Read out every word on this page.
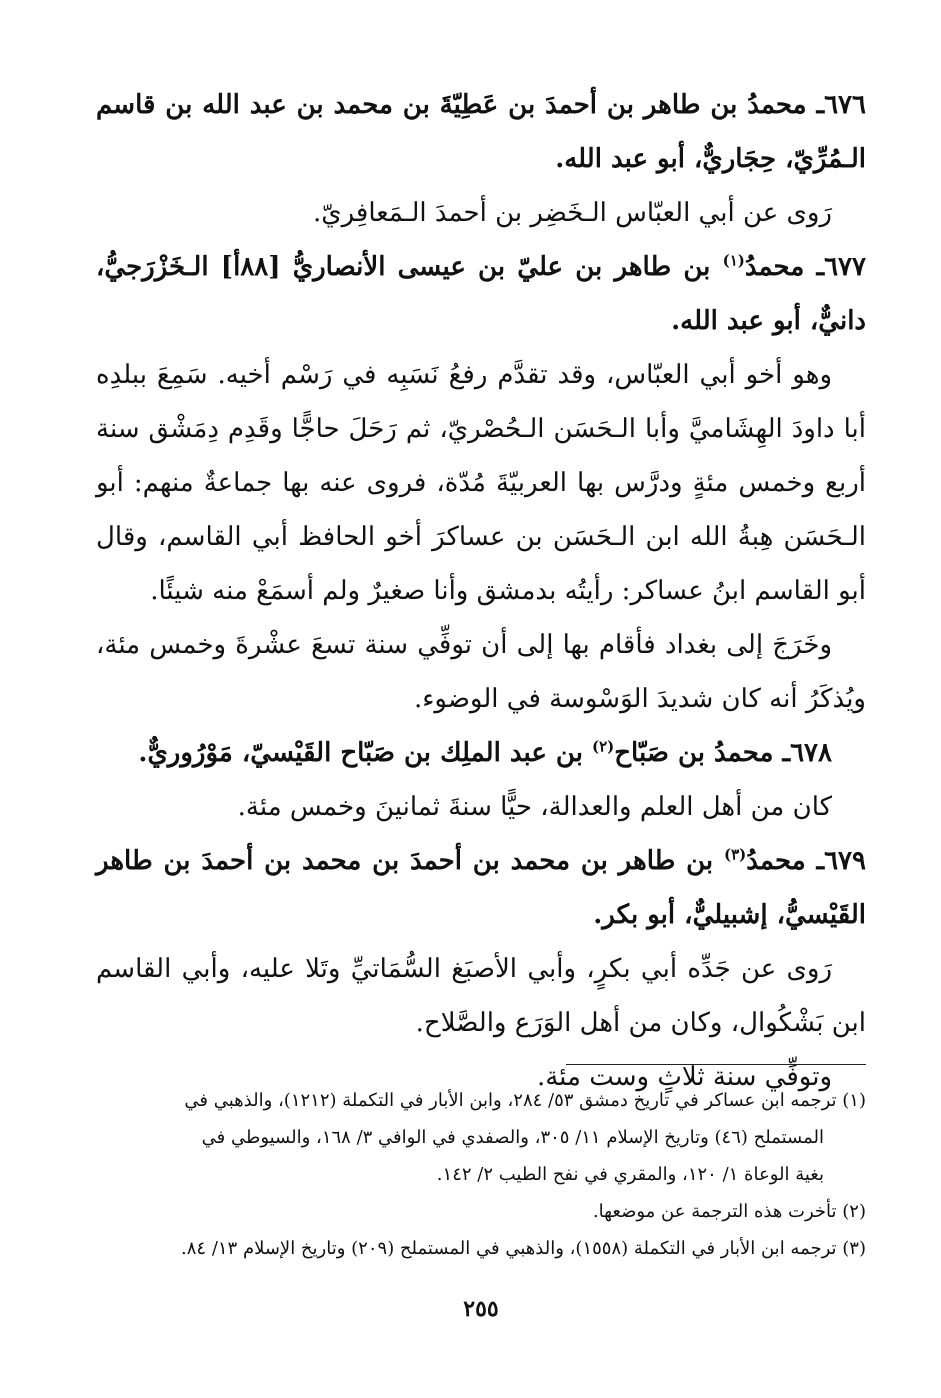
٦٧٦ـ محمدُ بن طاهر بن أحمدَ بن عَطِيّةَ بن محمد بن عبد الله بن قاسم الـمُرِّيّ، حِجَاريٌّ، أبو عبد الله.

رَوى عن أبي العبّاس الـخَضِر بن أحمدَ الـمَعافِريّ.

٦٧٧ـ محمدُ$^{(١)}$ بن طاهر بن عليّ بن عيسى الأنصاريُّ [٨٨أ] الـخَزْرَجيُّ، دانيٌّ، أبو عبد الله.

وهو أخو أبي العبّاس، وقد تقدَّم رفعُ نَسَبِه في رَسْم أخيه. سَمِعَ ببلدِه أبا داودَ الهِشَاميَّ وأبا الـحَسَن الـحُصْريّ، ثم رَحَلَ حاجًّا وقَدِم دِمَشْق سنة أربع وخمس مئةٍ ودرَّس بها العربيّةَ مُدّة، فروى عنه بها جماعةٌ منهم: أبو الـحَسَن هِبةُ الله ابن الـحَسَن بن عساكرَ أخو الحافظ أبي القاسم، وقال أبو القاسم ابنُ عساكر: رأيتُه بدمشق وأنا صغيرٌ ولم أسمَعْ منه شيئًا.

وخَرَجَ إلى بغداد فأقام بها إلى أن توفِّي سنة تسعَ عشْرةَ وخمس مئة، ويُذكَرُ أنه كان شديدَ الوَسْوسة في الوضوء.

٦٧٨ـ محمدُ بن صَبّاح$^{(٢)}$ بن عبد الملِك بن صَبّاح القَيْسيّ، مَوْرُوريٌّ.

كان من أهل العلم والعدالة، حيًّا سنةَ ثمانينَ وخمس مئة.

٦٧٩ـ محمدُ$^{(٣)}$ بن طاهر بن محمد بن أحمدَ بن محمد بن أحمدَ بن طاهر القَيْسيُّ، إشبيليٌّ، أبو بكر.

رَوى عن جَدِّه أبي بكرٍ، وأبي الأصبَغ السُّمَاتيِّ وتَلا عليه، وأبي القاسم ابن بَشْكُوال، وكان من أهل الوَرَع والصَّلاح.

وتوفِّي سنة ثلاثٍ وست مئة.

(١) ترجمه ابن عساكر في تاريخ دمشق ٥٣/ ٢٨٤، وابن الأبار في التكملة (١٢١٢)، والذهبي في

المستملح (٤٦) وتاريخ الإسلام ١١/ ٣٠٥، والصفدي في الوافي ٣/ ١٦٨، والسيوطي في

بغية الوعاة ١/ ١٢٠، والمقري في نفح الطيب ٢/ ١٤٢.

(٢) تأخرت هذه الترجمة عن موضعها.

(٣) ترجمه ابن الأبار في التكملة (١٥٥٨)، والذهبي في المستملح (٢٠٩) وتاريخ الإسلام ١٣/ ٨٤.

٢٥٥
